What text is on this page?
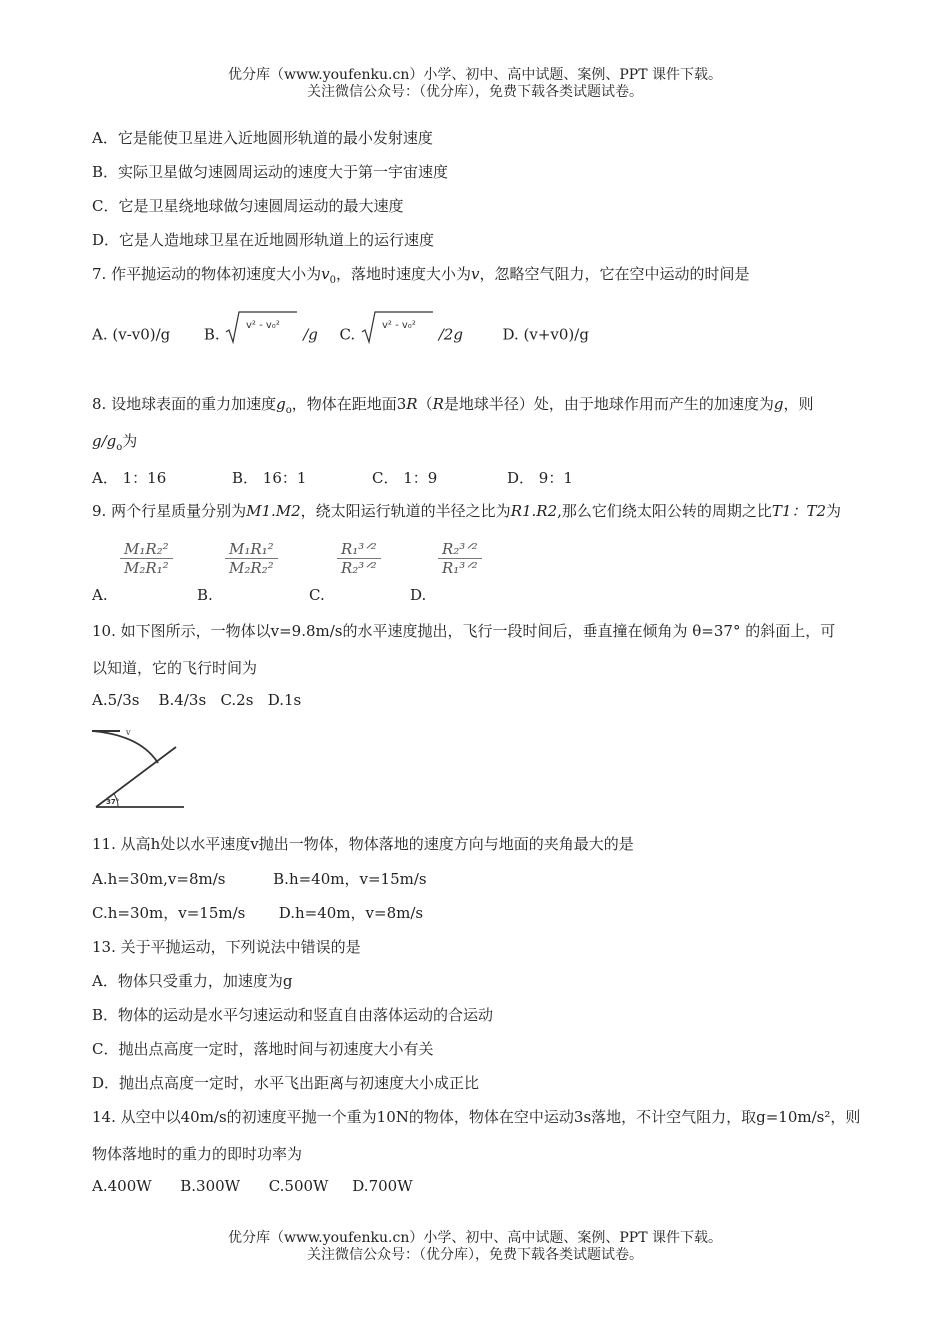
优分库（www.youfenku.cn）小学、初中、高中试题、案例、PPT 课件下载。
关注微信公众号：（优分库），免费下载各类试题试卷。
A．它是能使卫星进入近地圆形轨道的最小发射速度
B．实际卫星做匀速圆周运动的速度大于第一宇宙速度
C．它是卫星绕地球做匀速圆周运动的最大速度
D．它是人造地球卫星在近地圆形轨道上的运行速度
7. 作平抛运动的物体初速度大小为$v_0$，落地时速度大小为v，忽略空气阻力，它在空中运动的时间是
A. (v-v0)/g B.	v² - v₀² /g C.	v² - v₀² /2g	D. (v+v0)/g
8. 设地球表面的重力加速度$g_o$，物体在距地面3R（R是地球半径）处，由于地球作用而产生的加速度为g，则
$g/g_o$为
A． 1：16	B． 16：1	C． 1：9	D． 9：1
9. 两个行星质量分别为M1.M2，绕太阳运行轨道的半径之比为R1.R2,那么它们绕太阳公转的周期之比T1：T2为
A.
$\frac{\text{M₁R₂²}}{\text{M₂R₁²}}$
B.
$\frac{\text{M₁R₁²}}{\text{M₂R₂²}}$
C.
R₁³ᐟ²
R₂³ᐟ²
D.
R₂³ᐟ²
R₁³ᐟ²
10. 如下图所示，一物体以v=9.8m/s的水平速度抛出，飞行一段时间后，垂直撞在倾角为 θ=37° 的斜面上，可
以知道，它的飞行时间为
A.5/3s    B.4/3s   C.2s   D.1s
v
37°
11. 从高h处以水平速度v抛出一物体，物体落地的速度方向与地面的夹角最大的是
A.h=30m,v=8m/s          B.h=40m，v=15m/s
C.h=30m，v=15m/s       D.h=40m，v=8m/s
13. 关于平抛运动，下列说法中错误的是
A．物体只受重力，加速度为g
B．物体的运动是水平匀速运动和竖直自由落体运动的合运动
C．抛出点高度一定时，落地时间与初速度大小有关
D．抛出点高度一定时，水平飞出距离与初速度大小成正比
14. 从空中以40m/s的初速度平抛一个重为10N的物体，物体在空中运动3s落地，不计空气阻力，取g=10m/s²，则
物体落地时的重力的即时功率为
A.400W      B.300W      C.500W     D.700W
优分库（www.youfenku.cn）小学、初中、高中试题、案例、PPT 课件下载。
关注微信公众号：（优分库），免费下载各类试题试卷。
